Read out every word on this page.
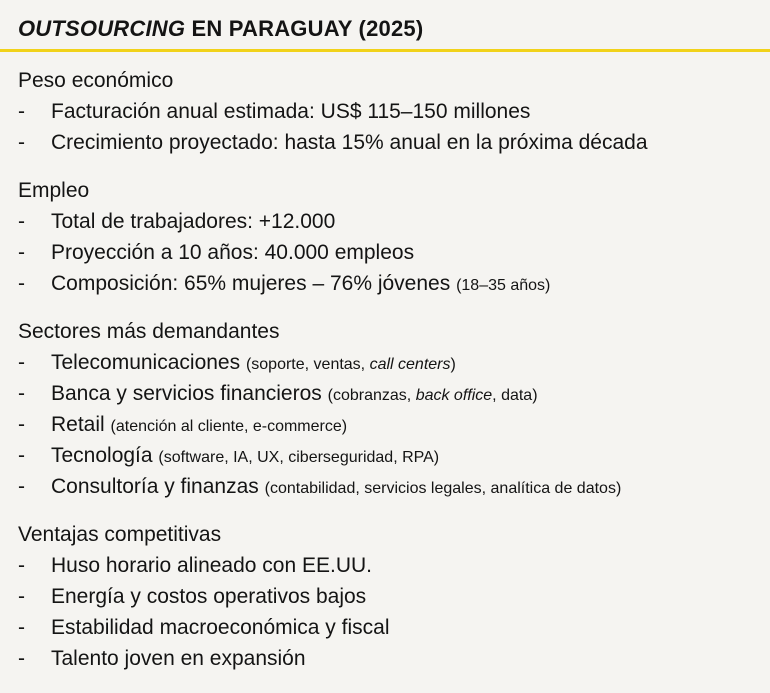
OUTSOURCING EN PARAGUAY (2025)
Peso económico
- Facturación anual estimada: US$ 115–150 millones
- Crecimiento proyectado: hasta 15% anual en la próxima década
Empleo
- Total de trabajadores: +12.000
- Proyección a 10 años: 40.000 empleos
- Composición: 65% mujeres – 76% jóvenes (18–35 años)
Sectores más demandantes
- Telecomunicaciones (soporte, ventas, call centers)
- Banca y servicios financieros (cobranzas, back office, data)
- Retail (atención al cliente, e-commerce)
- Tecnología (software, IA, UX, ciberseguridad, RPA)
- Consultoría y finanzas (contabilidad, servicios legales, analítica de datos)
Ventajas competitivas
- Huso horario alineado con EE.UU.
- Energía y costos operativos bajos
- Estabilidad macroeconómica y fiscal
- Talento joven en expansión
